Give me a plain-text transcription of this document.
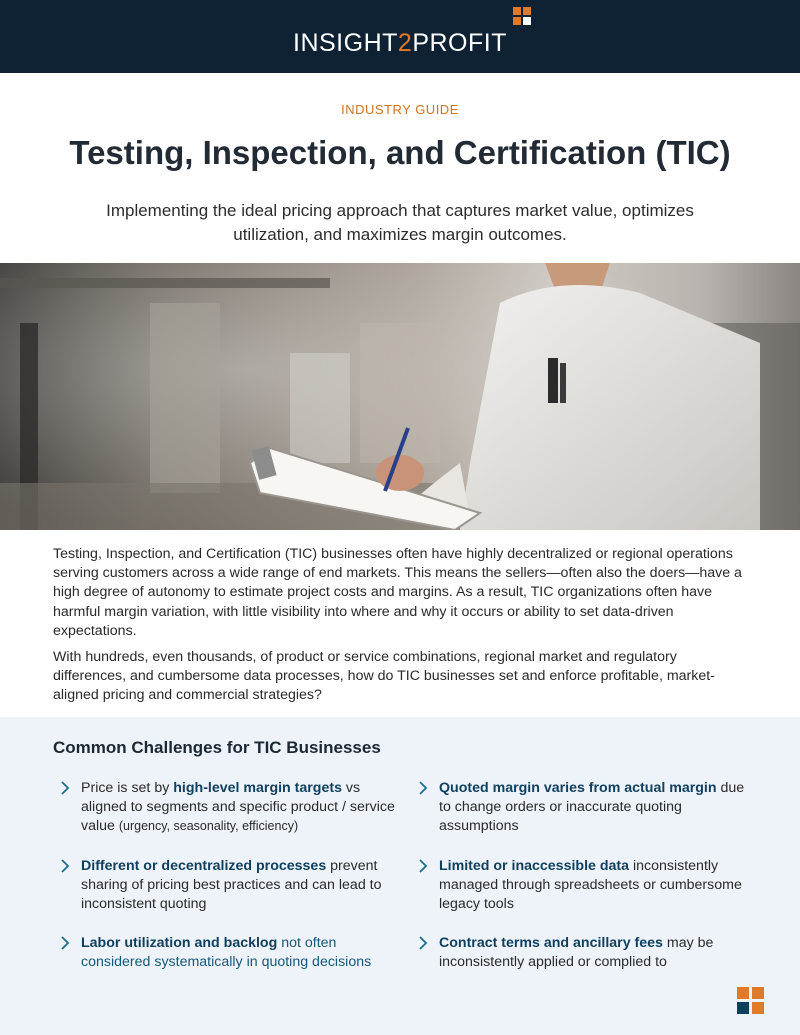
INSIGHT2PROFIT
INDUSTRY GUIDE
Testing, Inspection, and Certification (TIC)

Implementing the ideal pricing approach that captures market value, optimizes utilization, and maximizes margin outcomes.

Testing, Inspection, and Certification (TIC) businesses often have highly decentralized or regional operations serving customers across a wide range of end markets. This means the sellers—often also the doers—have a high degree of autonomy to estimate project costs and margins. As a result, TIC organizations often have harmful margin variation, with little visibility into where and why it occurs or ability to set data-driven expectations.

With hundreds, even thousands, of product or service combinations, regional market and regulatory differences, and cumbersome data processes, how do TIC businesses set and enforce profitable, market-aligned pricing and commercial strategies?

Common Challenges for TIC Businesses
Price is set by high-level margin targets vs aligned to segments and specific product / service value (urgency, seasonality, efficiency)
Quoted margin varies from actual margin due to change orders or inaccurate quoting assumptions
Different or decentralized processes prevent sharing of pricing best practices and can lead to inconsistent quoting
Limited or inaccessible data inconsistently managed through spreadsheets or cumbersome legacy tools
Labor utilization and backlog not often considered systematically in quoting decisions
Contract terms and ancillary fees may be inconsistently applied or complied to
